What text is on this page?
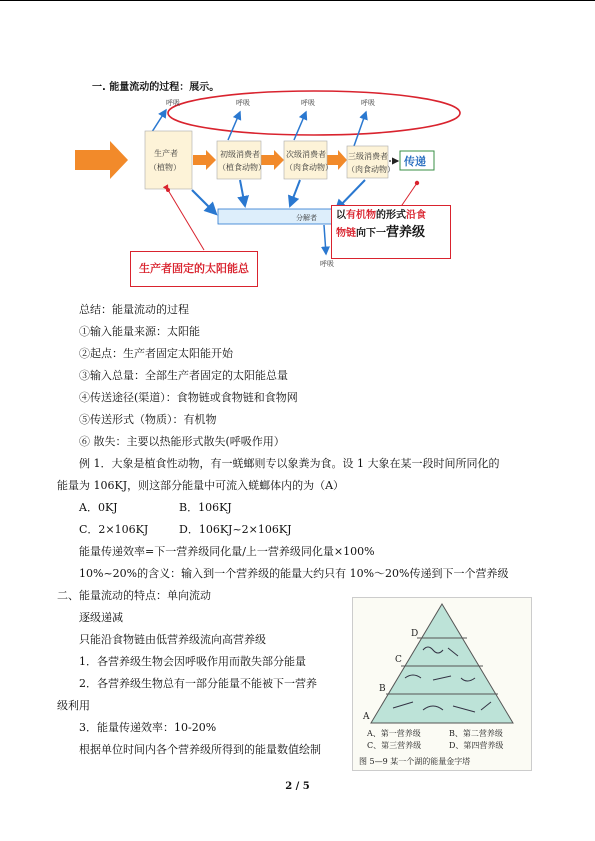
一. 能量流动的过程：展示。
呼吸	呼吸	呼吸	呼吸
生产者
（植物）
初级消费者
（植食动物）
次级消费者
（肉食动物）
三级消费者
（肉食动物）
传递
分解者
呼吸
以有机物的形式沿食
物链向下一营养级
生产者固定的太阳能总
总结：能量流动的过程
①输入能量来源：太阳能
②起点：生产者固定太阳能开始
③输入总量：全部生产者固定的太阳能总量
④传送途径(渠道）：食物链或食物链和食物网
⑤传送形式（物质）：有机物
⑥ 散失：主要以热能形式散失(呼吸作用）
例 1．大象是植食性动物，有一蜣螂则专以象粪为食。设 1 大象在某一段时间所同化的
能量为 106KJ，则这部分能量中可流入蜣螂体内的为（A）
A．0KJ	B．106KJ
C．2×106KJ	D．106KJ~2×106KJ
能量传递效率=下一营养级同化量/上一营养级同化量×100%
10%~20%的含义：输入到一个营养级的能量大约只有 10%～20%传递到下一个营养级
二、能量流动的特点：单向流动
逐级递减
只能沿食物链由低营养级流向高营养级
1．各营养级生物会因呼吸作用而散失部分能量
2．各营养级生物总有一部分能量不能被下一营养
级利用
3．能量传递效率：10-20%
根据单位时间内各个营养级所得到的能量数值绘制
D
C
B
A
A、第一营养级	B、第二营养级
C、第三营养级	D、第四营养级
图 5—9 某一个湖的能量金字塔
2 / 5
